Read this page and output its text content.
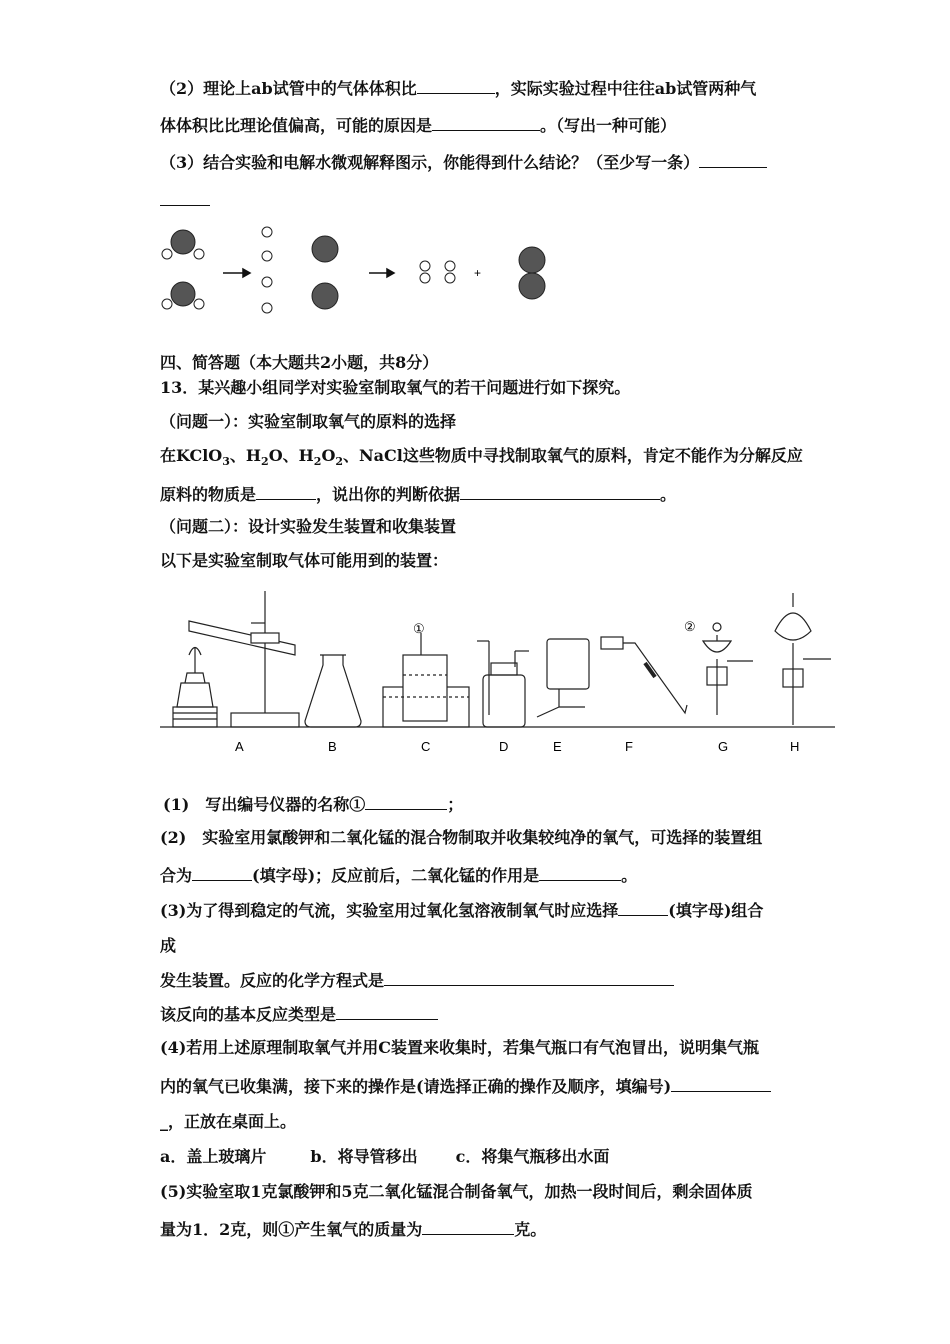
（2）理论上ab试管中的气体体积比	，实际实验过程中往往ab试管两种气
体体积比比理论值偏高，可能的原因是	。（写出一种可能）
（3）结合实验和电解水微观解释图示，你能得到什么结论？（至少写一条）
+
四、简答题（本大题共2小题，共8分）
13．某兴趣小组同学对实验室制取氧气的若干问题进行如下探究。
（问题一）：实验室制取氧气的原料的选择
在KClO$_3$、$H_2O$、$H_2O_2$、NaCl这些物质中寻找制取氧气的原料，肯定不能作为分解反应
原料的物质是	，说出你的判断依据	。
（问题二）：设计实验发生装置和收集装置
以下是实验室制取气体可能用到的装置：
①	②
A	B	C	D	E	F	G	H
(1)　写出编号仪器的名称①	；
(2)　实验室用氯酸钾和二氧化锰的混合物制取并收集较纯净的氧气，可选择的装置组
合为	(填字母)；反应前后，二氧化锰的作用是	。
(3)为了得到稳定的气流，实验室用过氧化氢溶液制氧气时应选择	(填字母)组合
成
发生装置。反应的化学方程式是
该反向的基本反应类型是
(4)若用上述原理制取氧气并用C装置来收集时，若集气瓶口有气泡冒出，说明集气瓶
内的氧气已收集满，接下来的操作是(请选择正确的操作及顺序，填编号)
_，正放在桌面上。
a．盖上玻璃片	b．将导管移出 c．将集气瓶移出水面
(5)实验室取1克氯酸钾和5克二氧化锰混合制备氧气，加热一段时间后，剩余固体质
量为1．2克，则①产生氧气的质量为	克。
